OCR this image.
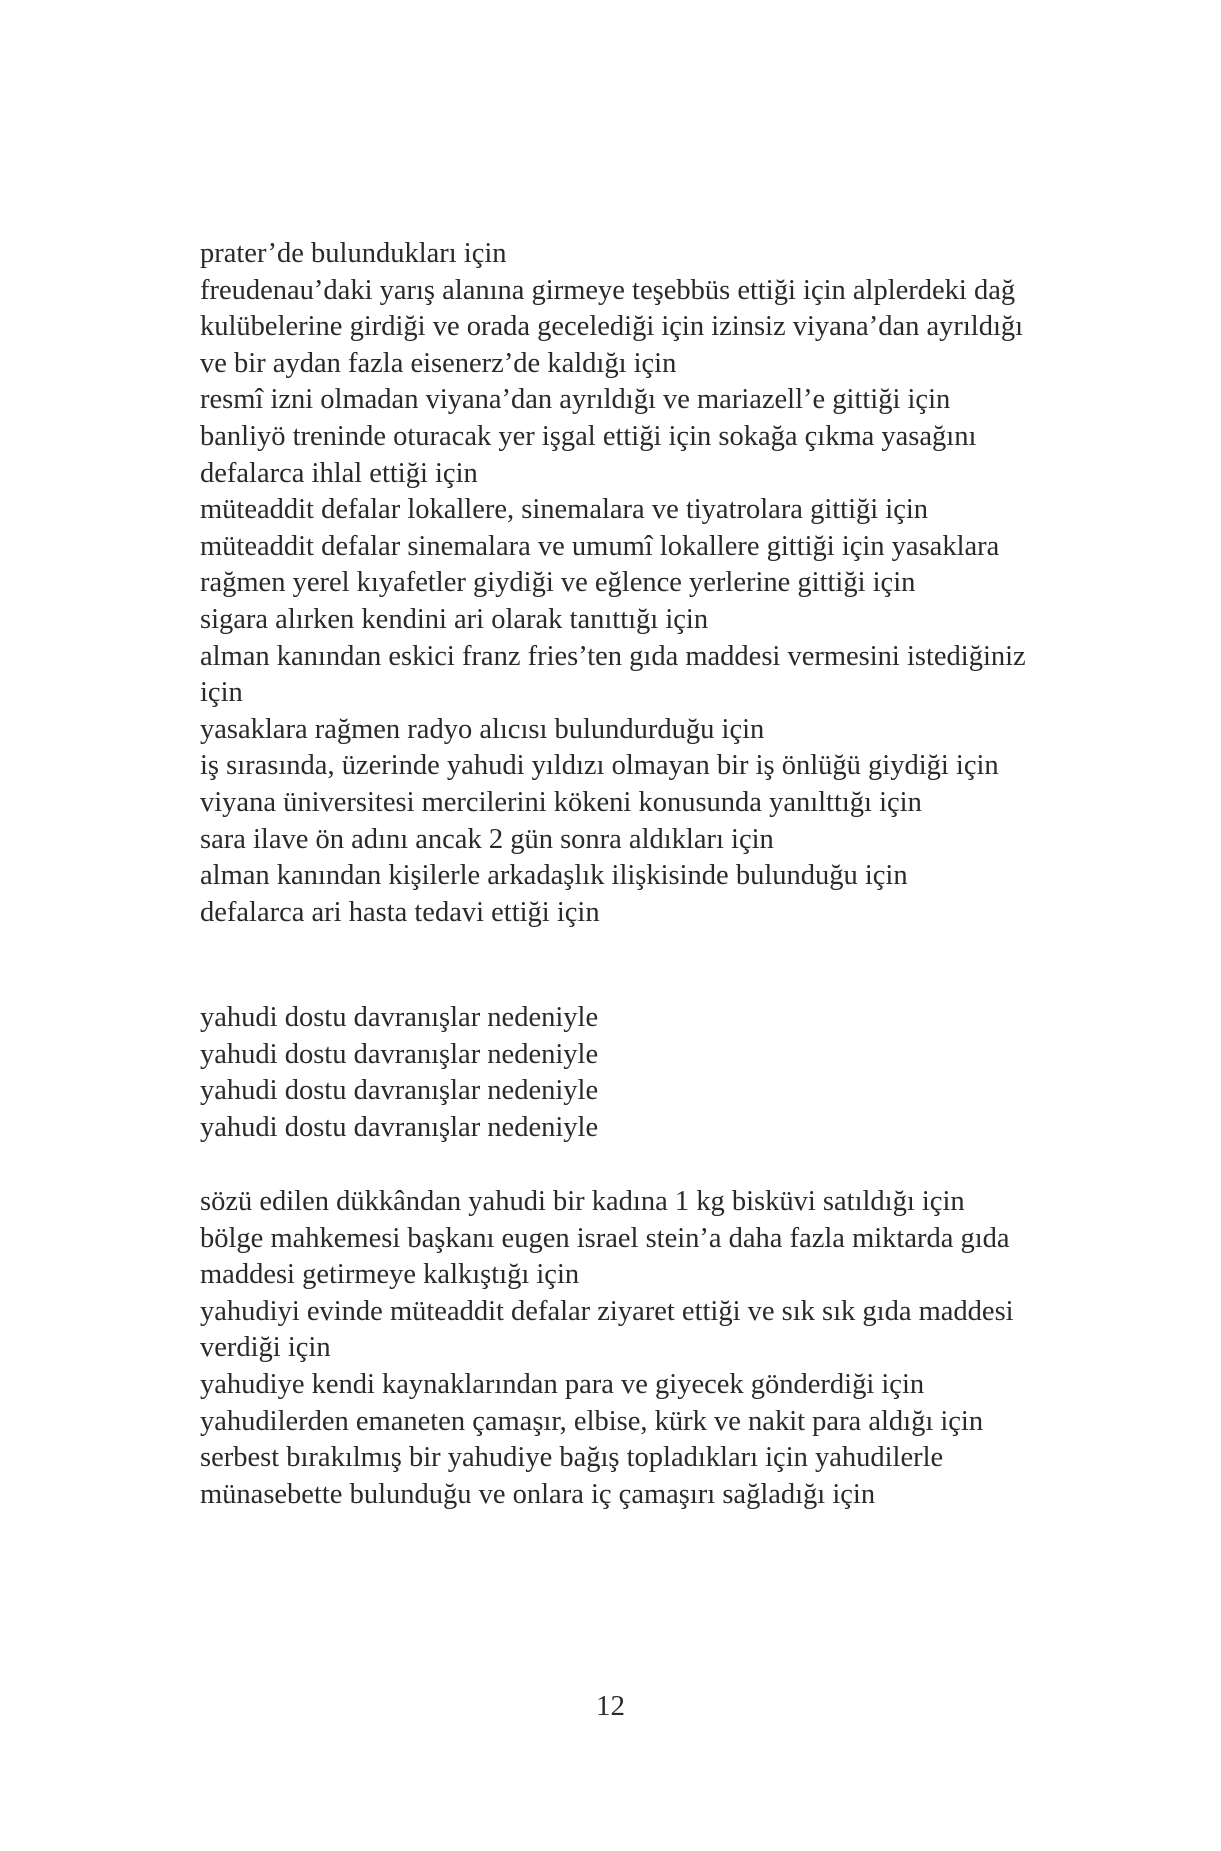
prater’de bulundukları için

freudenau’daki yarış alanına girmeye teşebbüs ettiği için alplerdeki dağ kulübelerine girdiği ve orada gecelediği için izinsiz viyana’dan ayrıldığı ve bir aydan fazla eisenerz’de kaldığı için

resmî izni olmadan viyana’dan ayrıldığı ve mariazell’e gittiği için banliyö treninde oturacak yer işgal ettiği için sokağa çıkma yasağını defalarca ihlal ettiği için

müteaddit defalar lokallere, sinemalara ve tiyatrolara gittiği için

müteaddit defalar sinemalara ve umumî lokallere gittiği için yasaklara rağmen yerel kıyafetler giydiği ve eğlence yerlerine gittiği için

sigara alırken kendini ari olarak tanıttığı için

alman kanından eskici franz fries’ten gıda maddesi vermesini istediğiniz için

yasaklara rağmen radyo alıcısı bulundurduğu için

iş sırasında, üzerinde yahudi yıldızı olmayan bir iş önlüğü giydiği için

viyana üniversitesi mercilerini kökeni konusunda yanılttığı için

sara ilave ön adını ancak 2 gün sonra aldıkları için

alman kanından kişilerle arkadaşlık ilişkisinde bulunduğu için

defalarca ari hasta tedavi ettiği için

yahudi dostu davranışlar nedeniyle

yahudi dostu davranışlar nedeniyle

yahudi dostu davranışlar nedeniyle

yahudi dostu davranışlar nedeniyle

sözü edilen dükkândan yahudi bir kadına 1 kg bisküvi satıldığı için

bölge mahkemesi başkanı eugen israel stein’a daha fazla miktarda gıda maddesi getirmeye kalkıştığı için

yahudiyi evinde müteaddit defalar ziyaret ettiği ve sık sık gıda maddesi verdiği için

yahudiye kendi kaynaklarından para ve giyecek gönderdiği için

yahudilerden emaneten çamaşır, elbise, kürk ve nakit para aldığı için

serbest bırakılmış bir yahudiye bağış topladıkları için yahudilerle münasebette bulunduğu ve onlara iç çamaşırı sağladığı için

12
